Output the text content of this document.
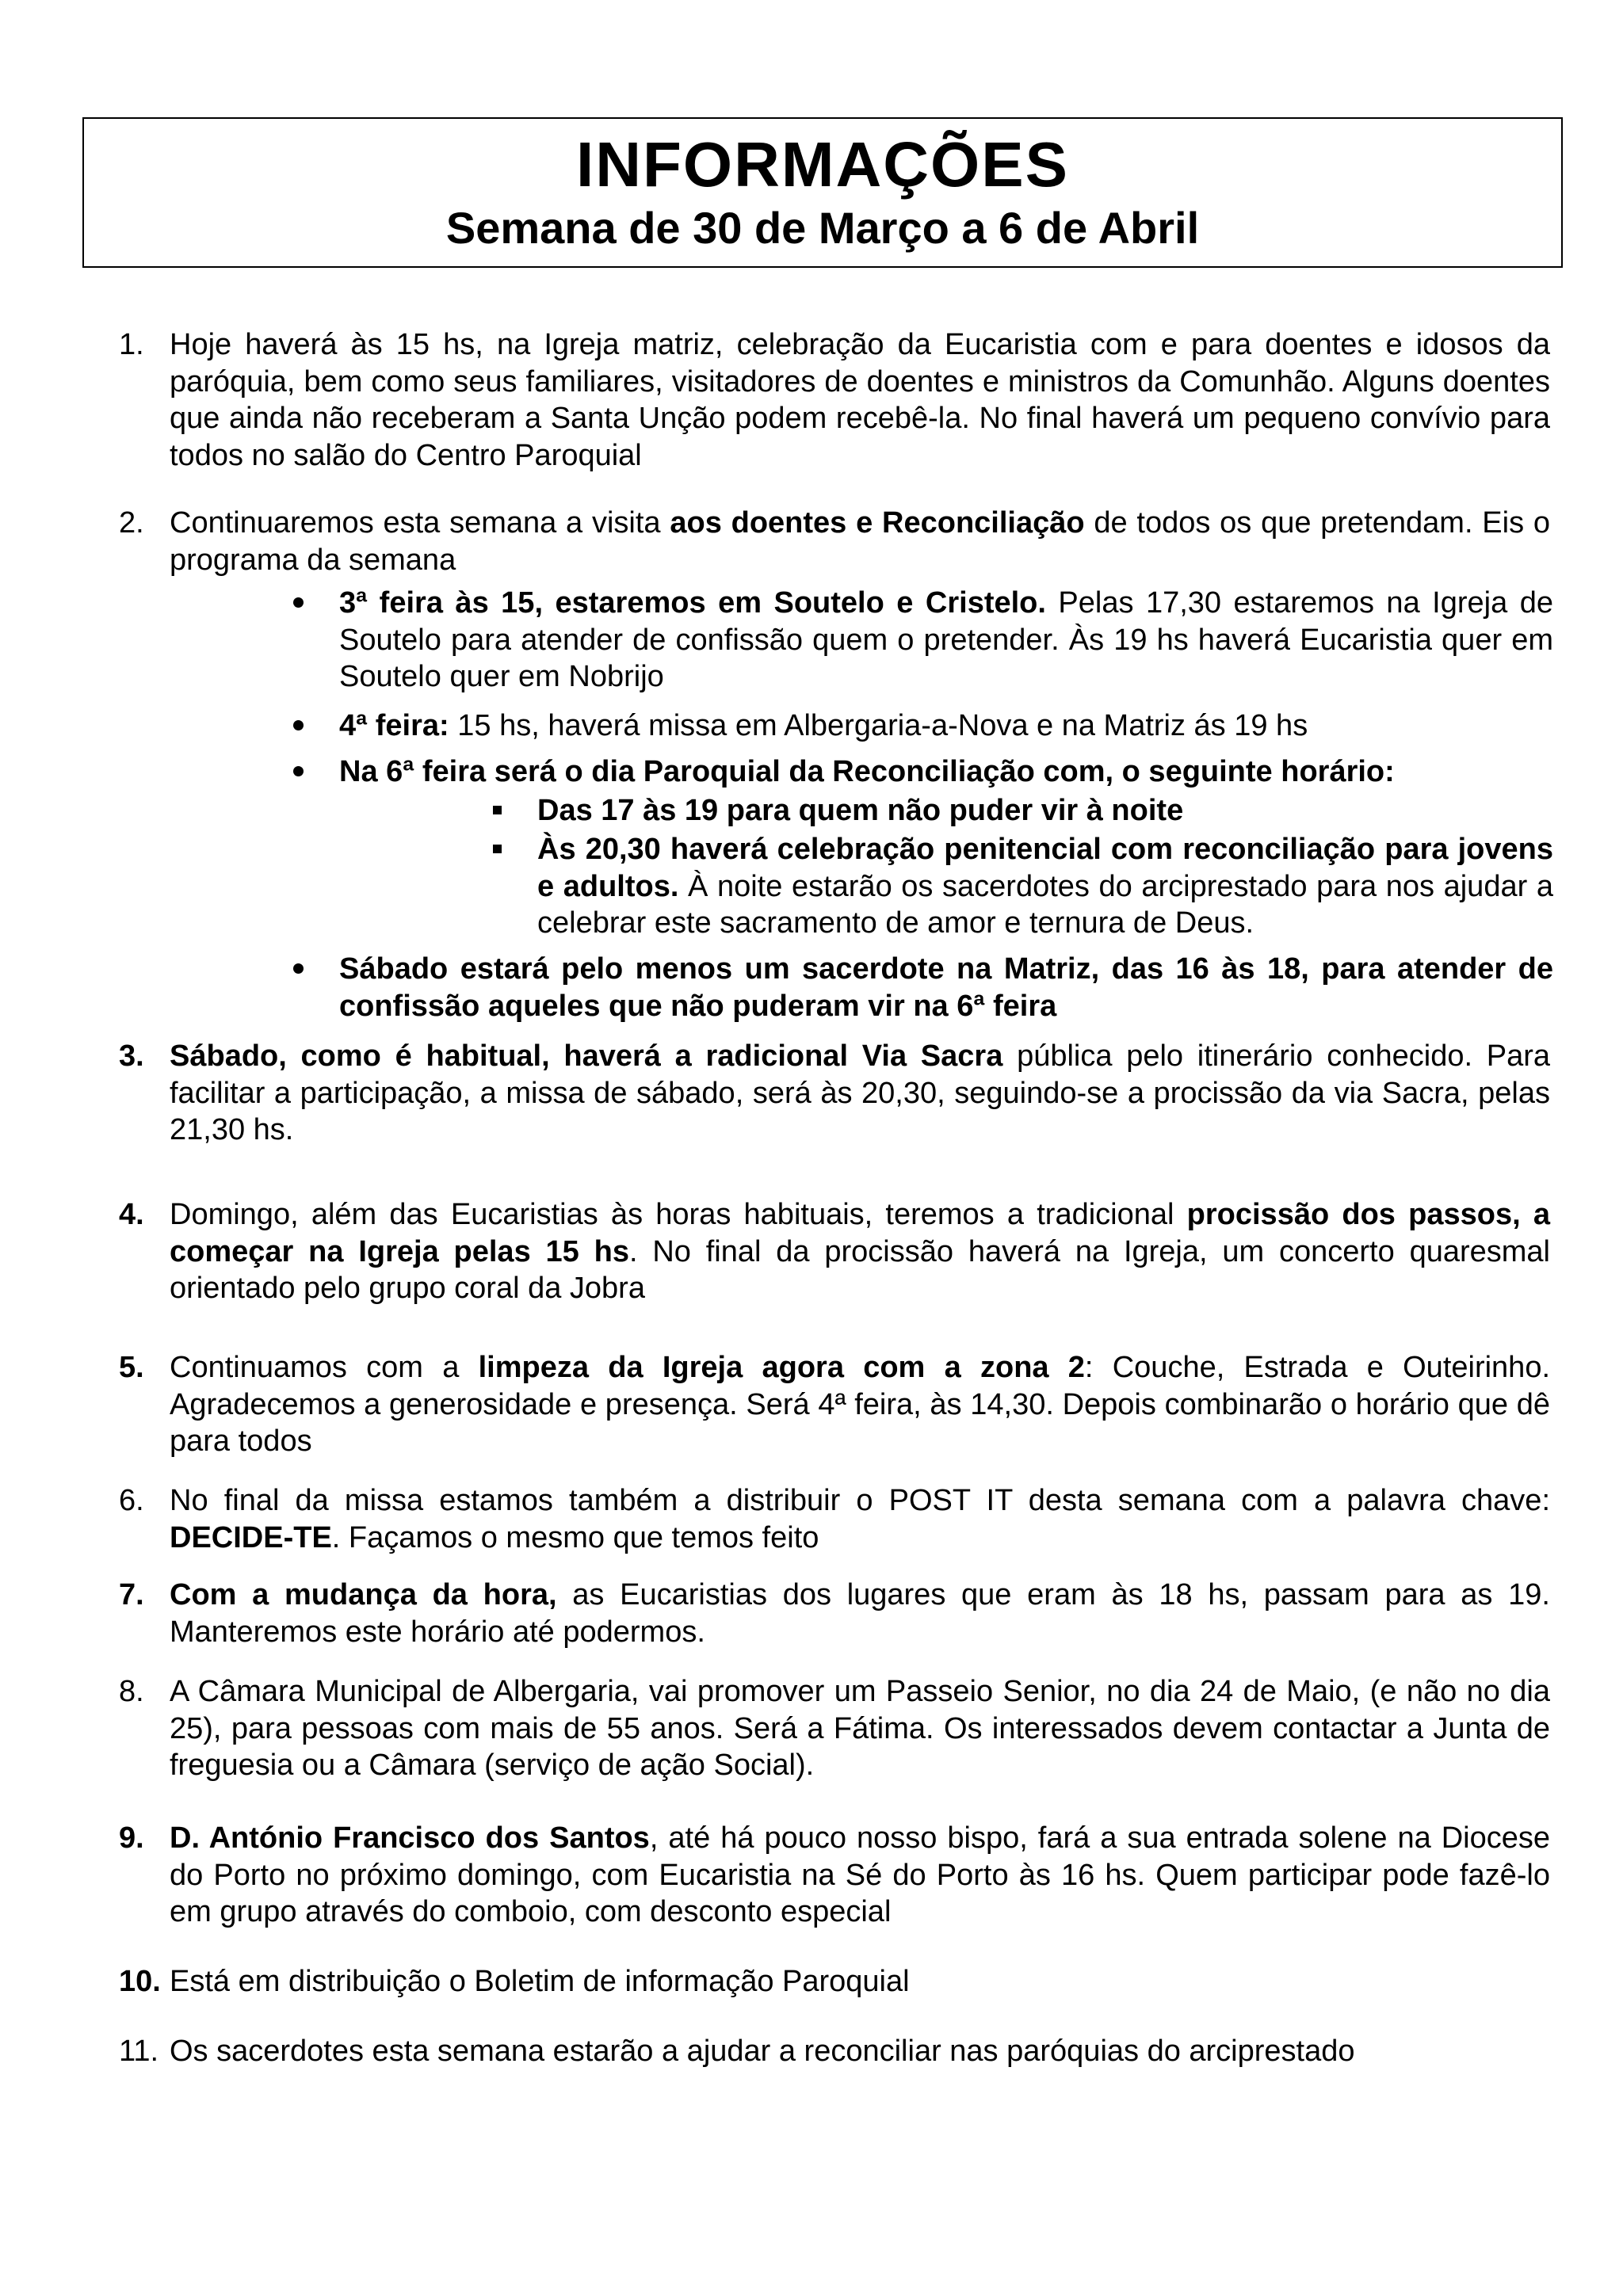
INFORMAÇÕES
Semana de 30 de Março a 6 de Abril
1. Hoje haverá às 15 hs, na Igreja matriz, celebração da Eucaristia com e para doentes e idosos da paróquia, bem como seus familiares, visitadores de doentes e ministros da Comunhão. Alguns doentes que ainda não receberam a Santa Unção podem recebê-la. No final haverá um pequeno convívio para todos no salão do Centro Paroquial
2. Continuaremos esta semana a visita aos doentes e Reconciliação de todos os que pretendam. Eis o programa da semana
3ª feira às 15, estaremos em Soutelo e Cristelo. Pelas 17,30 estaremos na Igreja de Soutelo para atender de confissão quem o pretender. Às 19 hs haverá Eucaristia quer em Soutelo quer em Nobrijo
4ª feira: 15 hs, haverá missa em Albergaria-a-Nova e na Matriz ás 19 hs
Na 6ª feira será o dia Paroquial da Reconciliação com, o seguinte horário:
Das 17 às 19 para quem não puder vir à noite
Às 20,30 haverá celebração penitencial com reconciliação para jovens e adultos. À noite estarão os sacerdotes do arciprestado para nos ajudar a celebrar este sacramento de amor e ternura de Deus.
Sábado estará pelo menos um sacerdote na Matriz, das 16 às 18, para atender de confissão aqueles que não puderam vir na 6ª feira
3. Sábado, como é habitual, haverá a radicional Via Sacra pública pelo itinerário conhecido. Para facilitar a participação, a missa de sábado, será às 20,30, seguindo-se a procissão da via Sacra, pelas 21,30 hs.
4. Domingo, além das Eucaristias às horas habituais, teremos a tradicional procissão dos passos, a começar na Igreja pelas 15 hs. No final da procissão haverá na Igreja, um concerto quaresmal orientado pelo grupo coral da Jobra
5. Continuamos com a limpeza da Igreja agora com a zona 2: Couche, Estrada e Outeirinho. Agradecemos a generosidade e presença. Será 4ª feira, às 14,30. Depois combinarão o horário que dê para todos
6. No final da missa estamos também a distribuir o POST IT desta semana com a palavra chave: DECIDE-TE. Façamos o mesmo que temos feito
7. Com a mudança da hora, as Eucaristias dos lugares que eram às 18 hs, passam para as 19. Manteremos este horário até podermos.
8. A Câmara Municipal de Albergaria, vai promover um Passeio Senior, no dia 24 de Maio, (e não no dia 25), para pessoas com mais de 55 anos. Será a Fátima. Os interessados devem contactar a Junta de freguesia ou a Câmara (serviço de ação Social).
9. D. António Francisco dos Santos, até há pouco nosso bispo, fará a sua entrada solene na Diocese do Porto no próximo domingo, com Eucaristia na Sé do Porto às 16 hs. Quem participar pode fazê-lo em grupo através do comboio, com desconto especial
10. Está em distribuição o Boletim de informação Paroquial
11. Os sacerdotes esta semana estarão a ajudar a reconciliar nas paróquias do arciprestado
